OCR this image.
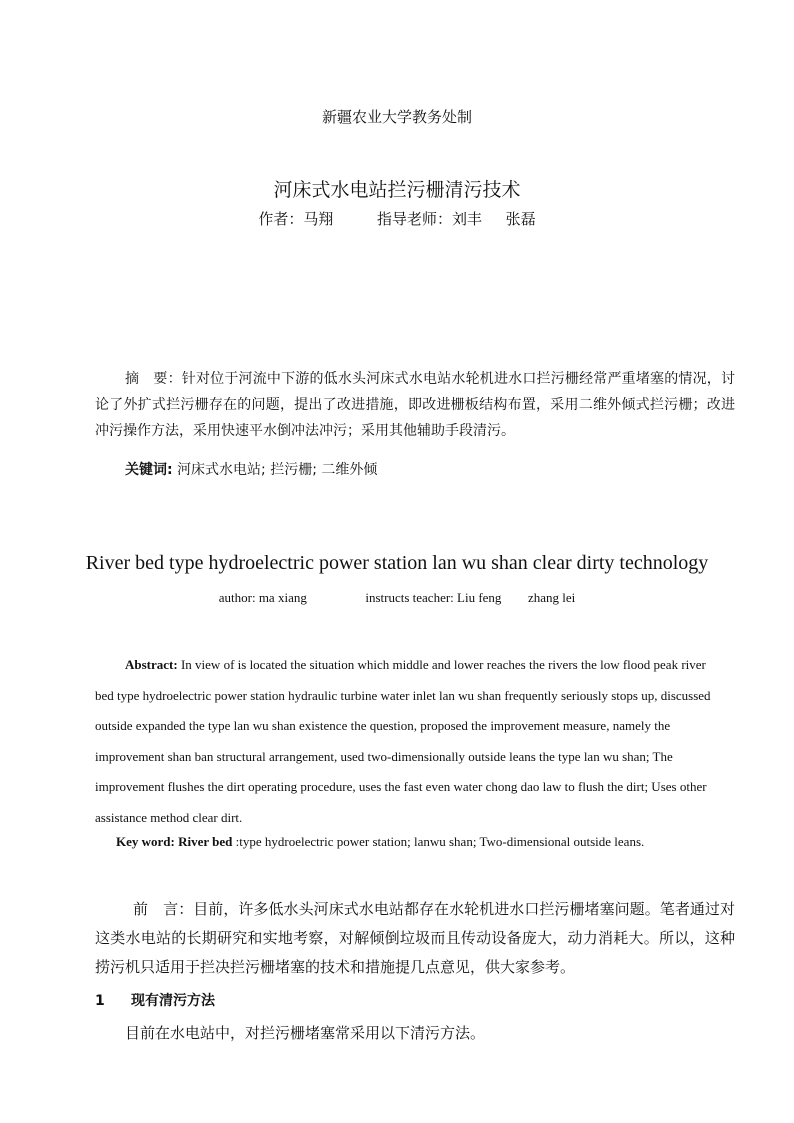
新疆农业大学教务处制
河床式水电站拦污栅清污技术
作者：马翔	指导老师：刘丰 张磊
摘　要：针对位于河流中下游的低水头河床式水电站水轮机进水口拦污栅经常严重堵塞的情况，讨论了外扩式拦污栅存在的问题，提出了改进措施，即改进栅板结构布置，采用二维外倾式拦污栅；改进冲污操作方法，采用快速平水倒冲法冲污；采用其他辅助手段清污。
关键词: 河床式水电站; 拦污栅; 二维外倾
River bed type hydroelectric power station lan wu shan clear dirty technology
author: ma xiang	instructs teacher: Liu feng zhang lei
Abstract: In view of is located the situation which middle and lower reaches the rivers the low flood peak river bed type hydroelectric power station hydraulic turbine water inlet lan wu shan frequently seriously stops up, discussed outside expanded the type lan wu shan existence the question, proposed the improvement measure, namely the improvement shan ban structural arrangement, used two-dimensionally outside leans the type lan wu shan; The improvement flushes the dirt operating procedure, uses the fast even water chong dao law to flush the dirt; Uses other assistance method clear dirt.
Key word: River bed :type hydroelectric power station; lanwu shan; Two-dimensional outside leans.
前　言：目前，许多低水头河床式水电站都存在水轮机进水口拦污栅堵塞问题。笔者通过对这类水电站的长期研究和实地考察，对解倾倒垃圾而且传动设备庞大，动力消耗大。所以，这种捞污机只适用于拦决拦污栅堵塞的技术和措施提几点意见，供大家参考。
1 现有清污方法
目前在水电站中，对拦污栅堵塞常采用以下清污方法。
